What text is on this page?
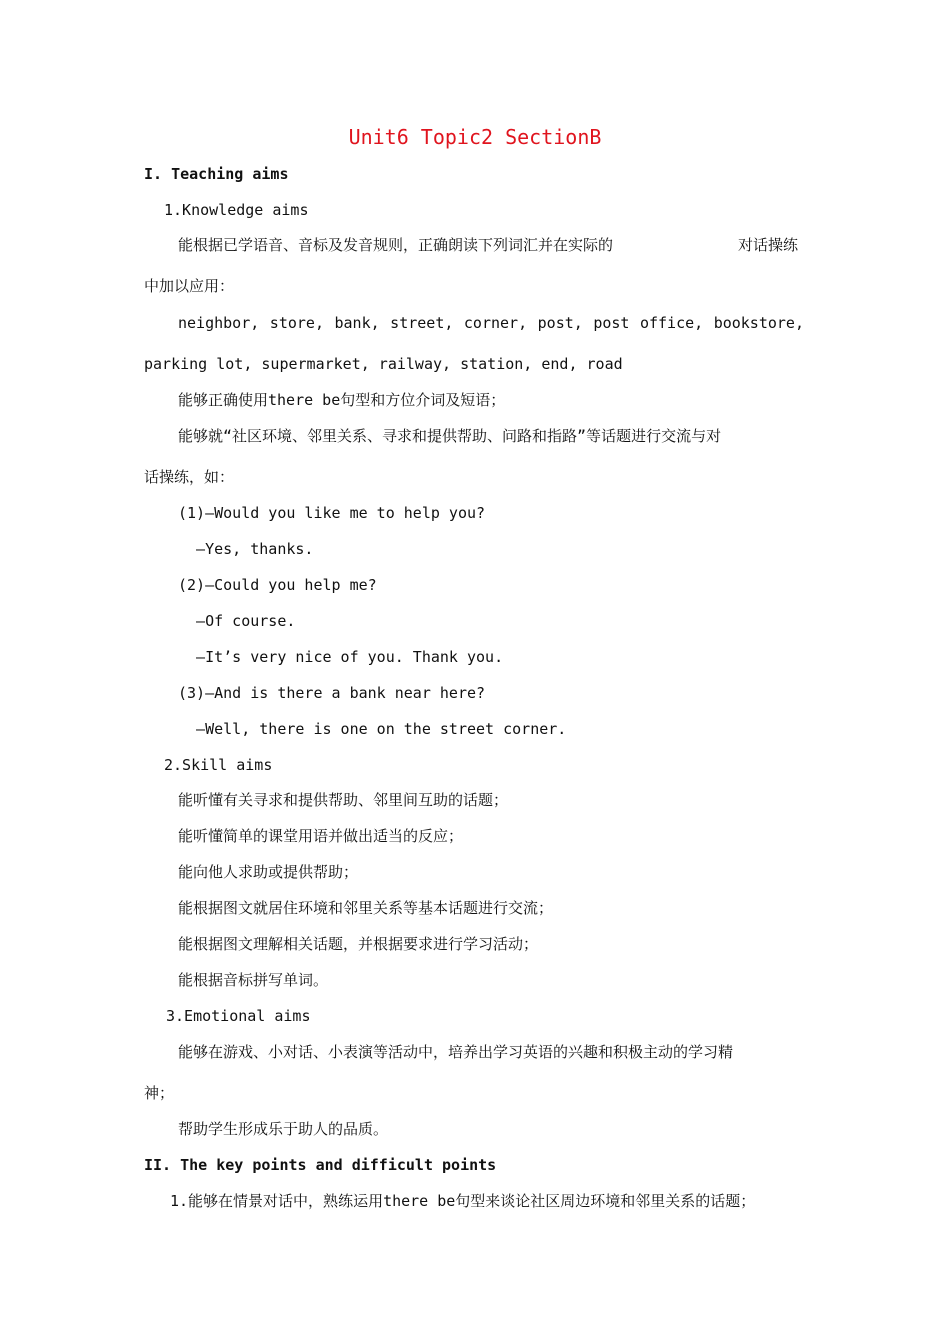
Unit6 Topic2 SectionB
I. Teaching aims
1.Knowledge aims
能根据已学语音、音标及发音规则，正确朗读下列词汇并在实际的	对话操练
中加以应用：
neighbor, store, bank, street, corner, post, post office, bookstore,
parking lot, supermarket, railway, station, end, road
能够正确使用there be句型和方位介词及短语；
能够就“社区环境、邻里关系、寻求和提供帮助、问路和指路”等话题进行交流与对
话操练，如：
(1)—Would you like me to help you?
—Yes, thanks.
(2)—Could you help me?
—Of course.
—It’s very nice of you. Thank you.
(3)—And is there a bank near here?
—Well, there is one on the street corner.
2.Skill aims
能听懂有关寻求和提供帮助、邻里间互助的话题；
能听懂简单的课堂用语并做出适当的反应；
能向他人求助或提供帮助；
能根据图文就居住环境和邻里关系等基本话题进行交流；
能根据图文理解相关话题，并根据要求进行学习活动；
能根据音标拼写单词。
3.Emotional aims
能够在游戏、小对话、小表演等活动中，培养出学习英语的兴趣和积极主动的学习精
神；
帮助学生形成乐于助人的品质。
II. The key points and difficult points
1.能够在情景对话中，熟练运用there be句型来谈论社区周边环境和邻里关系的话题；
